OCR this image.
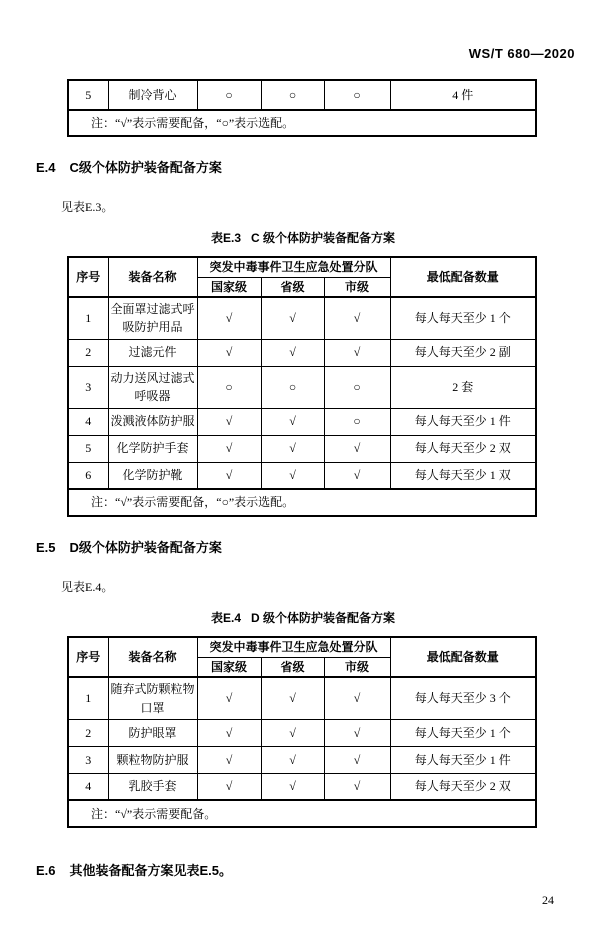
WS/T 680—2020
5	制冷背心	○	○	○	4 件
注：“√”表示需要配备，“○”表示选配。
E.4 C级个体防护装备配备方案

见表E.3。

表E.3 C 级个体防护装备配备方案
序号	装备名称	突发中毒事件卫生应急处置分队			最低配备数量
		国家级	省级	市级	
1	全面罩过滤式呼吸防护用品	√	√	√	每人每天至少 1 个
2	过滤元件	√	√	√	每人每天至少 2 副
3	动力送风过滤式呼吸器	○	○	○	2 套
4	泼溅液体防护服	√	√	○	每人每天至少 1 件
5	化学防护手套	√	√	√	每人每天至少 2 双
6	化学防护靴	√	√	√	每人每天至少 1 双
注：“√”表示需要配备，“○”表示选配。					
E.5 D级个体防护装备配备方案

见表E.4。

表E.4 D 级个体防护装备配备方案
序号	装备名称	突发中毒事件卫生应急处置分队			最低配备数量
		国家级	省级	市级	
1	随弃式防颗粒物口罩	√	√	√	每人每天至少 3 个
2	防护眼罩	√	√	√	每人每天至少 1 个
3	颗粒物防护服	√	√	√	每人每天至少 1 件
4	乳胶手套	√	√	√	每人每天至少 2 双
注：“√”表示需要配备。					
E.6 其他装备配备方案见表E.5。
24
